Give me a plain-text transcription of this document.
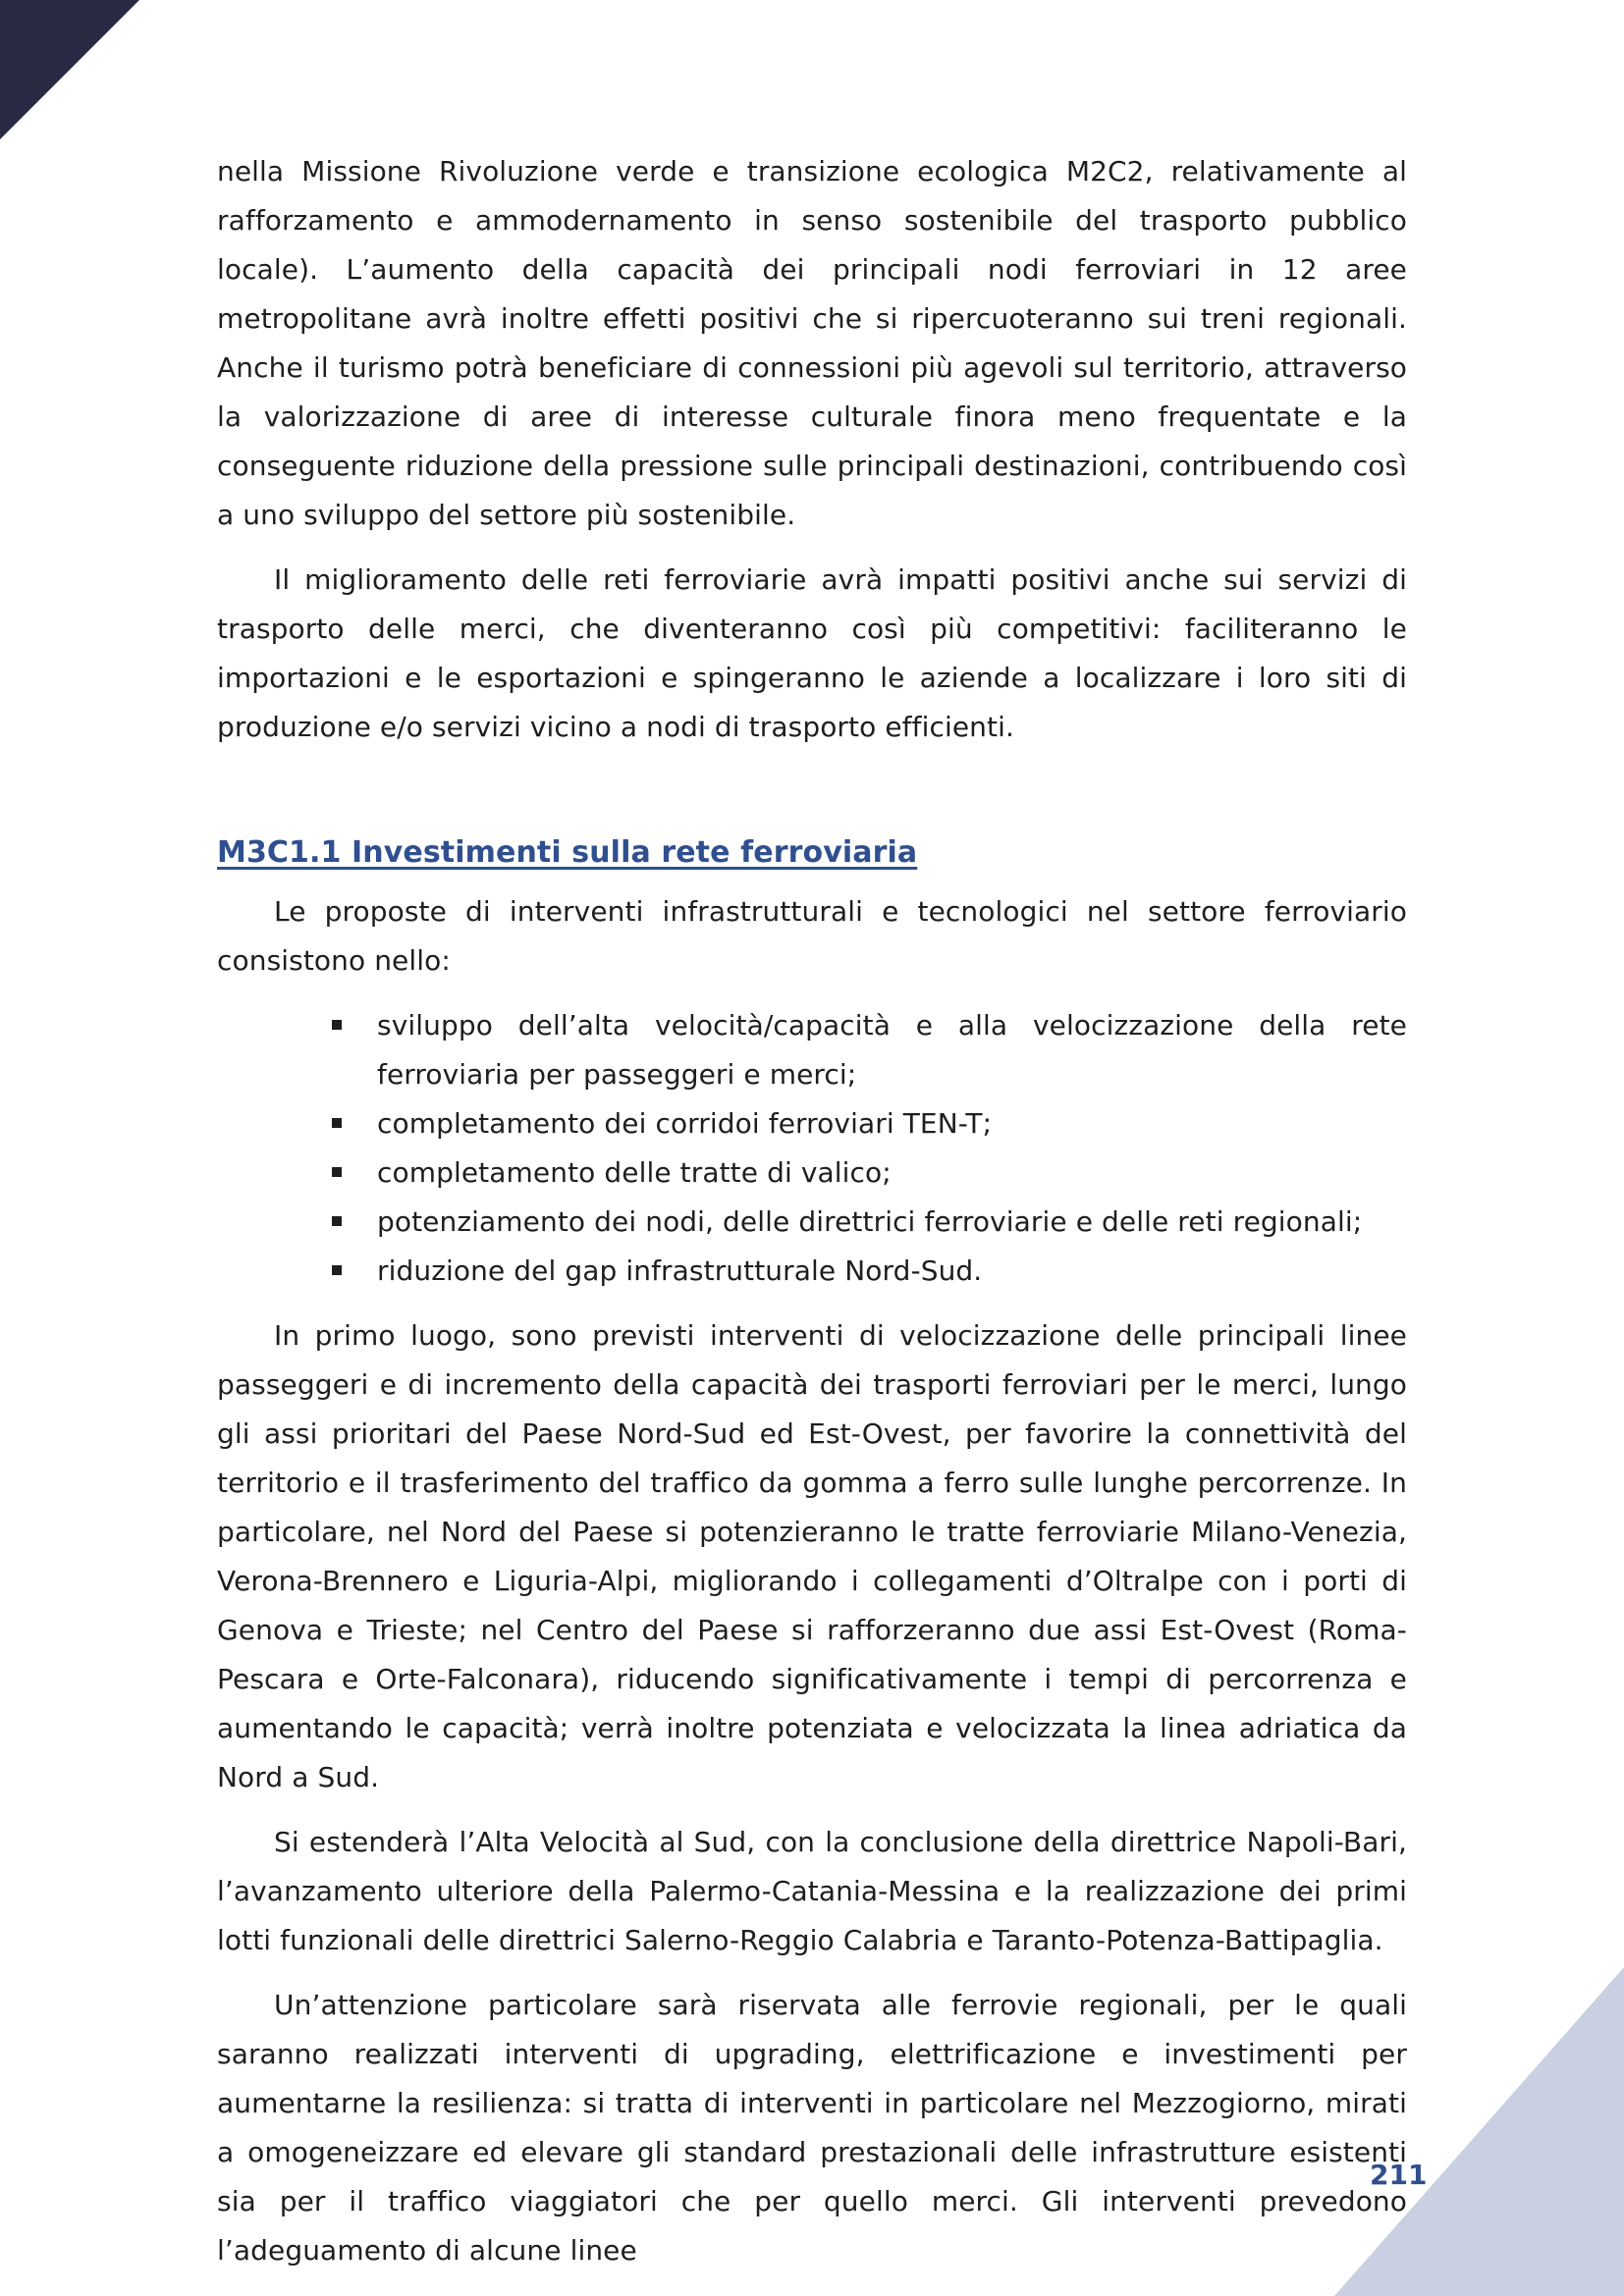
nella Missione Rivoluzione verde e transizione ecologica M2C2, relativamente al rafforzamento e ammodernamento in senso sostenibile del trasporto pubblico locale). L’aumento della capacità dei principali nodi ferroviari in 12 aree metropolitane avrà inoltre effetti positivi che si ripercuoteranno sui treni regionali. Anche il turismo potrà beneficiare di connessioni più agevoli sul territorio, attraverso la valorizzazione di aree di interesse culturale finora meno frequentate e la conseguente riduzione della pressione sulle principali destinazioni, contribuendo così a uno sviluppo del settore più sostenibile.

Il miglioramento delle reti ferroviarie avrà impatti positivi anche sui servizi di trasporto delle merci, che diventeranno così più competitivi: faciliteranno le importazioni e le esportazioni e spingeranno le aziende a localizzare i loro siti di produzione e/o servizi vicino a nodi di trasporto efficienti.

M3C1.1 Investimenti sulla rete ferroviaria

Le proposte di interventi infrastrutturali e tecnologici nel settore ferroviario consistono nello:

sviluppo dell’alta velocità/capacità e alla velocizzazione della rete ferroviaria per passeggeri e merci;
completamento dei corridoi ferroviari TEN-T;
completamento delle tratte di valico;
potenziamento dei nodi, delle direttrici ferroviarie e delle reti regionali;
riduzione del gap infrastrutturale Nord-Sud.

In primo luogo, sono previsti interventi di velocizzazione delle principali linee passeggeri e di incremento della capacità dei trasporti ferroviari per le merci, lungo gli assi prioritari del Paese Nord-Sud ed Est-Ovest, per favorire la connettività del territorio e il trasferimento del traffico da gomma a ferro sulle lunghe percorrenze. In particolare, nel Nord del Paese si potenzieranno le tratte ferroviarie Milano-Venezia, Verona-Brennero e Liguria-Alpi, migliorando i collegamenti d’Oltralpe con i porti di Genova e Trieste; nel Centro del Paese si rafforzeranno due assi Est-Ovest (Roma-Pescara e Orte-Falconara), riducendo significativamente i tempi di percorrenza e aumentando le capacità; verrà inoltre potenziata e velocizzata la linea adriatica da Nord a Sud.

Si estenderà l’Alta Velocità al Sud, con la conclusione della direttrice Napoli-Bari, l’avanzamento ulteriore della Palermo-Catania-Messina e la realizzazione dei primi lotti funzionali delle direttrici Salerno-Reggio Calabria e Taranto-Potenza-Battipaglia.

Un’attenzione particolare sarà riservata alle ferrovie regionali, per le quali saranno realizzati interventi di upgrading, elettrificazione e investimenti per aumentarne la resilienza: si tratta di interventi in particolare nel Mezzogiorno, mirati a omogeneizzare ed elevare gli standard prestazionali delle infrastrutture esistenti sia per il traffico viaggiatori che per quello merci. Gli interventi prevedono l’adeguamento di alcune linee

211
